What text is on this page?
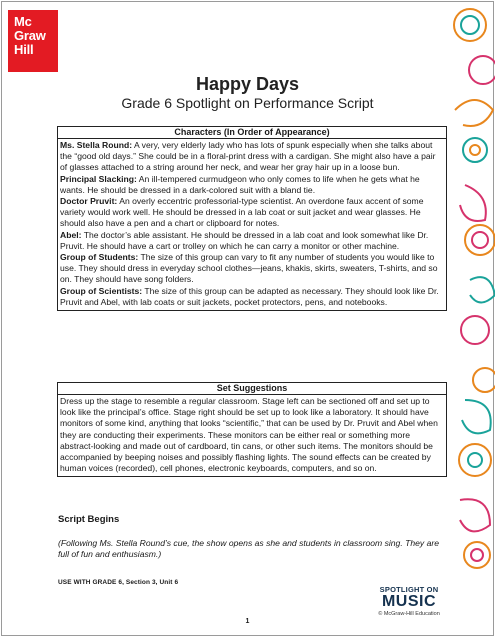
Mc
Graw
Hill
Happy Days
Grade 6 Spotlight on Performance Script
Characters (In Order of Appearance)

Ms. Stella Round: A very, very elderly lady who has lots of spunk especially when she talks about the “good old days.” She could be in a floral-print dress with a cardigan. She might also have a pair of glasses attached to a string around her neck, and wear her gray hair up in a loose bun.

Principal Slacking: An ill-tempered curmudgeon who only comes to life when he gets what he wants. He should be dressed in a dark-colored suit with a bland tie.

Doctor Pruvit: An overly eccentric professorial-type scientist. An overdone faux accent of some variety would work well. He should be dressed in a lab coat or suit jacket and wear glasses. He should also have a pen and a chart or clipboard for notes.

Abel: The doctor’s able assistant. He should be dressed in a lab coat and look somewhat like Dr. Pruvit. He should have a cart or trolley on which he can carry a monitor or other machine.

Group of Students: The size of this group can vary to fit any number of students you would like to use. They should dress in everyday school clothes—jeans, khakis, skirts, sweaters, T-shirts, and so on. They should have song folders.

Group of Scientists: The size of this group can be adapted as necessary. They should look like Dr. Pruvit and Abel, with lab coats or suit jackets, pocket protectors, pens, and notebooks.

Set Suggestions
Dress up the stage to resemble a regular classroom. Stage left can be sectioned off and set up to look like the principal’s office. Stage right should be set up to look like a laboratory. It should have monitors of some kind, anything that looks “scientific,” that can be used by Dr. Pruvit and Abel when they are conducting their experiments. These monitors can be either real or something more abstract-looking and made out of cardboard, tin cans, or other such items. The monitors should be accompanied by beeping noises and possibly flashing lights. The sound effects can be created by human voices (recorded), cell phones, electronic keyboards, computers, and so on.
Script Begins
(Following Ms. Stella Round’s cue, the show opens as she and students in classroom sing. They are full of fun and enthusiasm.)
USE WITH GRADE 6, Section 3, Unit 6
1
SPOTLIGHT ON
MUSIC
© McGraw-Hill Education
